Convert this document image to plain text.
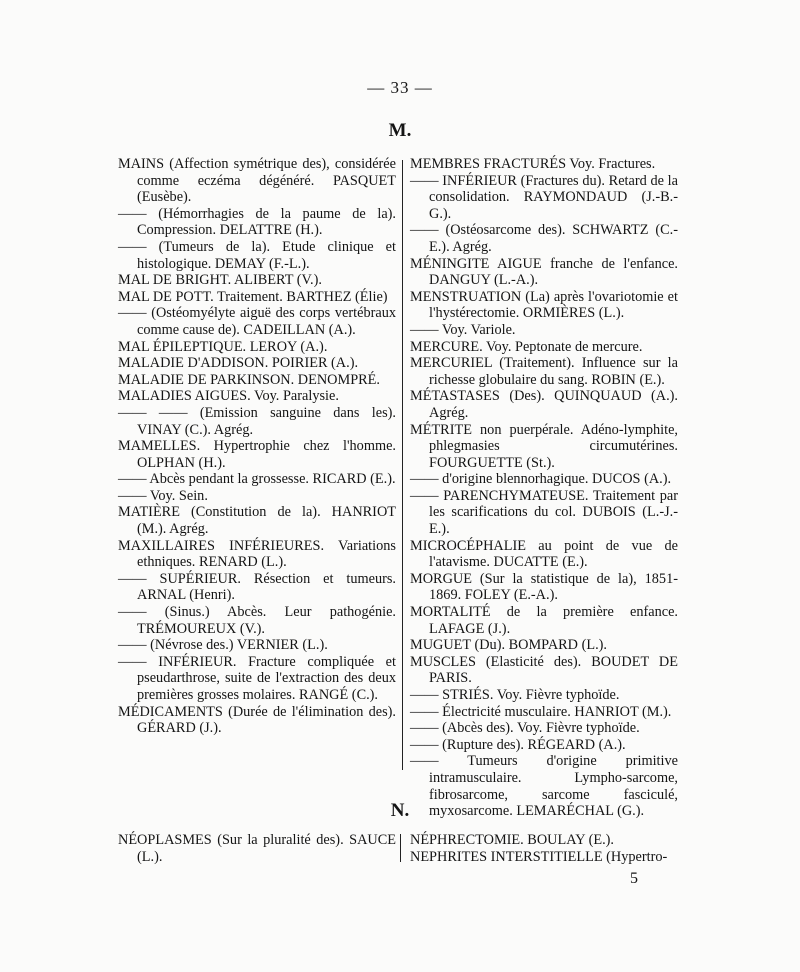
— 33 —
M.

MAINS (Affection symétrique des), considérée comme eczéma dégénéré. PASQUET (Eusèbe).

—— (Hémorrhagies de la paume de la). Compression. DELATTRE (H.).

—— (Tumeurs de la). Etude clinique et histologique. DEMAY (F.-L.).

MAL DE BRIGHT. ALIBERT (V.).

MAL DE POTT. Traitement. BARTHEZ (Élie)

—— (Ostéomyélyte aiguë des corps vertébraux comme cause de). CADEILLAN (A.).

MAL ÉPILEPTIQUE. LEROY (A.).

MALADIE D'ADDISON. POIRIER (A.).

MALADIE DE PARKINSON. DENOMPRÉ.

MALADIES AIGUES. Voy. Paralysie.

—— —— (Emission sanguine dans les). VINAY (C.). Agrég.

MAMELLES. Hypertrophie chez l'homme. OLPHAN (H.).

—— Abcès pendant la grossesse. RICARD (E.).

—— Voy. Sein.

MATIÈRE (Constitution de la). HANRIOT (M.). Agrég.

MAXILLAIRES INFÉRIEURES. Variations ethniques. RENARD (L.).

—— SUPÉRIEUR. Résection et tumeurs. ARNAL (Henri).

—— (Sinus.) Abcès. Leur pathogénie. TRÉMOUREUX (V.).

—— (Névrose des.) VERNIER (L.).

—— INFÉRIEUR. Fracture compliquée et pseudarthrose, suite de l'extraction des deux premières grosses molaires. RANGÉ (C.).

MÉDICAMENTS (Durée de l'élimination des). GÉRARD (J.).

MEMBRES FRACTURÉS Voy. Fractures.

—— INFÉRIEUR (Fractures du). Retard de la consolidation. RAYMONDAUD (J.-B.-G.).

—— (Ostéosarcome des). SCHWARTZ (C.-E.). Agrég.

MÉNINGITE AIGUE franche de l'enfance. DANGUY (L.-A.).

MENSTRUATION (La) après l'ovariotomie et l'hystérectomie. ORMIÈRES (L.).

—— Voy. Variole.

MERCURE. Voy. Peptonate de mercure.

MERCURIEL (Traitement). Influence sur la richesse globulaire du sang. ROBIN (E.).

MÉTASTASES (Des). QUINQUAUD (A.). Agrég.

MÉTRITE non puerpérale. Adéno-lymphite, phlegmasies circumutérines. FOURGUETTE (St.).

—— d'origine blennorhagique. DUCOS (A.).

—— PARENCHYMATEUSE. Traitement par les scarifications du col. DUBOIS (L.-J.-E.).

MICROCÉPHALIE au point de vue de l'atavisme. DUCATTE (E.).

MORGUE (Sur la statistique de la), 1851-1869. FOLEY (E.-A.).

MORTALITÉ de la première enfance. LAFAGE (J.).

MUGUET (Du). BOMPARD (L.).

MUSCLES (Elasticité des). BOUDET DE PARIS.

—— STRIÉS. Voy. Fièvre typhoïde.

—— Électricité musculaire. HANRIOT (M.).

—— (Abcès des). Voy. Fièvre typhoïde.

—— (Rupture des). RÉGEARD (A.).

—— Tumeurs d'origine primitive intramusculaire. Lympho-sarcome, fibrosarcome, sarcome fasciculé, myxosarcome. LEMARÉCHAL (G.).

N.

NÉOPLASMES (Sur la pluralité des). SAUCE (L.).

NÉPHRECTOMIE. BOULAY (E.).

NEPHRITES INTERSTITIELLE (Hypertro-

5
